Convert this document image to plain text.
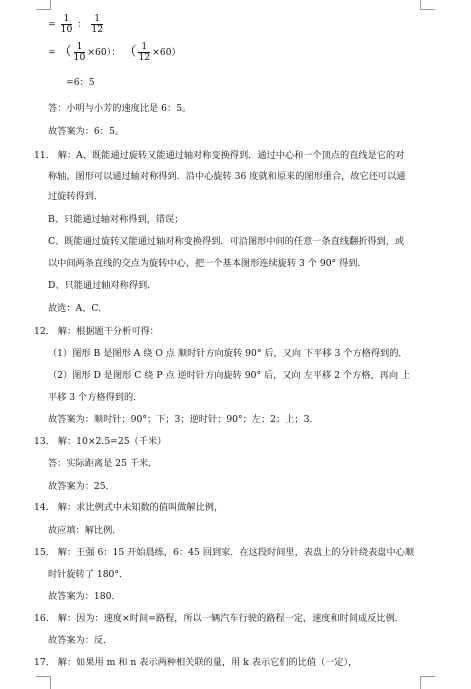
= $\frac{1}{10}$ ： $\frac{1}{12}$
= （ $\frac{1}{10} \times 60$）： （ $\frac{1}{12} \times 60$）
=6：5
答：小明与小芳的速度比是 6：5。
故答案为：6：5。
11． 解：A、既能通过旋转又能通过轴对称变换得到．通过中心和一个顶点的直线是它的对
称轴，图形可以通过轴对称得到．沿中心旋转 36 度就和原来的图形重合，故它还可以通
过旋转得到．
B、只能通过轴对称得到，错误；
C、既能通过旋转又能通过轴对称变换得到．可沿图形中间的任意一条直线翻折得到，或
以中间两条直线的交点为旋转中心，把一个基本图形连续旋转 3 个 90° 得到．
D、只能通过轴对称得到．
故选：A、C．
12． 解：根据题干分析可得：
（1）图形 B 是图形 A 绕 O 点 顺时针方向旋转 90° 后，又向 下平移 3 个方格得到的．
（2）图形 D 是图形 C 绕 P 点 逆时针方向旋转 90° 后，又向 左平移 2 个方格，再向 上
平移 3 个方格得到的．
故答案为：顺时针；90°；下；3；逆时针；90°；左；2；上；3．
13． 解：10×2.5=25（千米）
答：实际距离是 25 千米．
故答案为：25．
14． 解：求比例式中未知数的值叫做解比例，
故应填：解比例．
15． 解：王强 6：15 开始晨练，6：45 回到家．在这段时间里，表盘上的分针绕表盘中心顺
时针旋转了 180°．
故答案为：180．
16． 解：因为：速度×时间=路程，所以一辆汽车行驶的路程一定，速度和时间成反比例．
故答案为：反．
17． 解：如果用 m 和 n 表示两种相关联的量，用 k 表示它们的比值（一定），
